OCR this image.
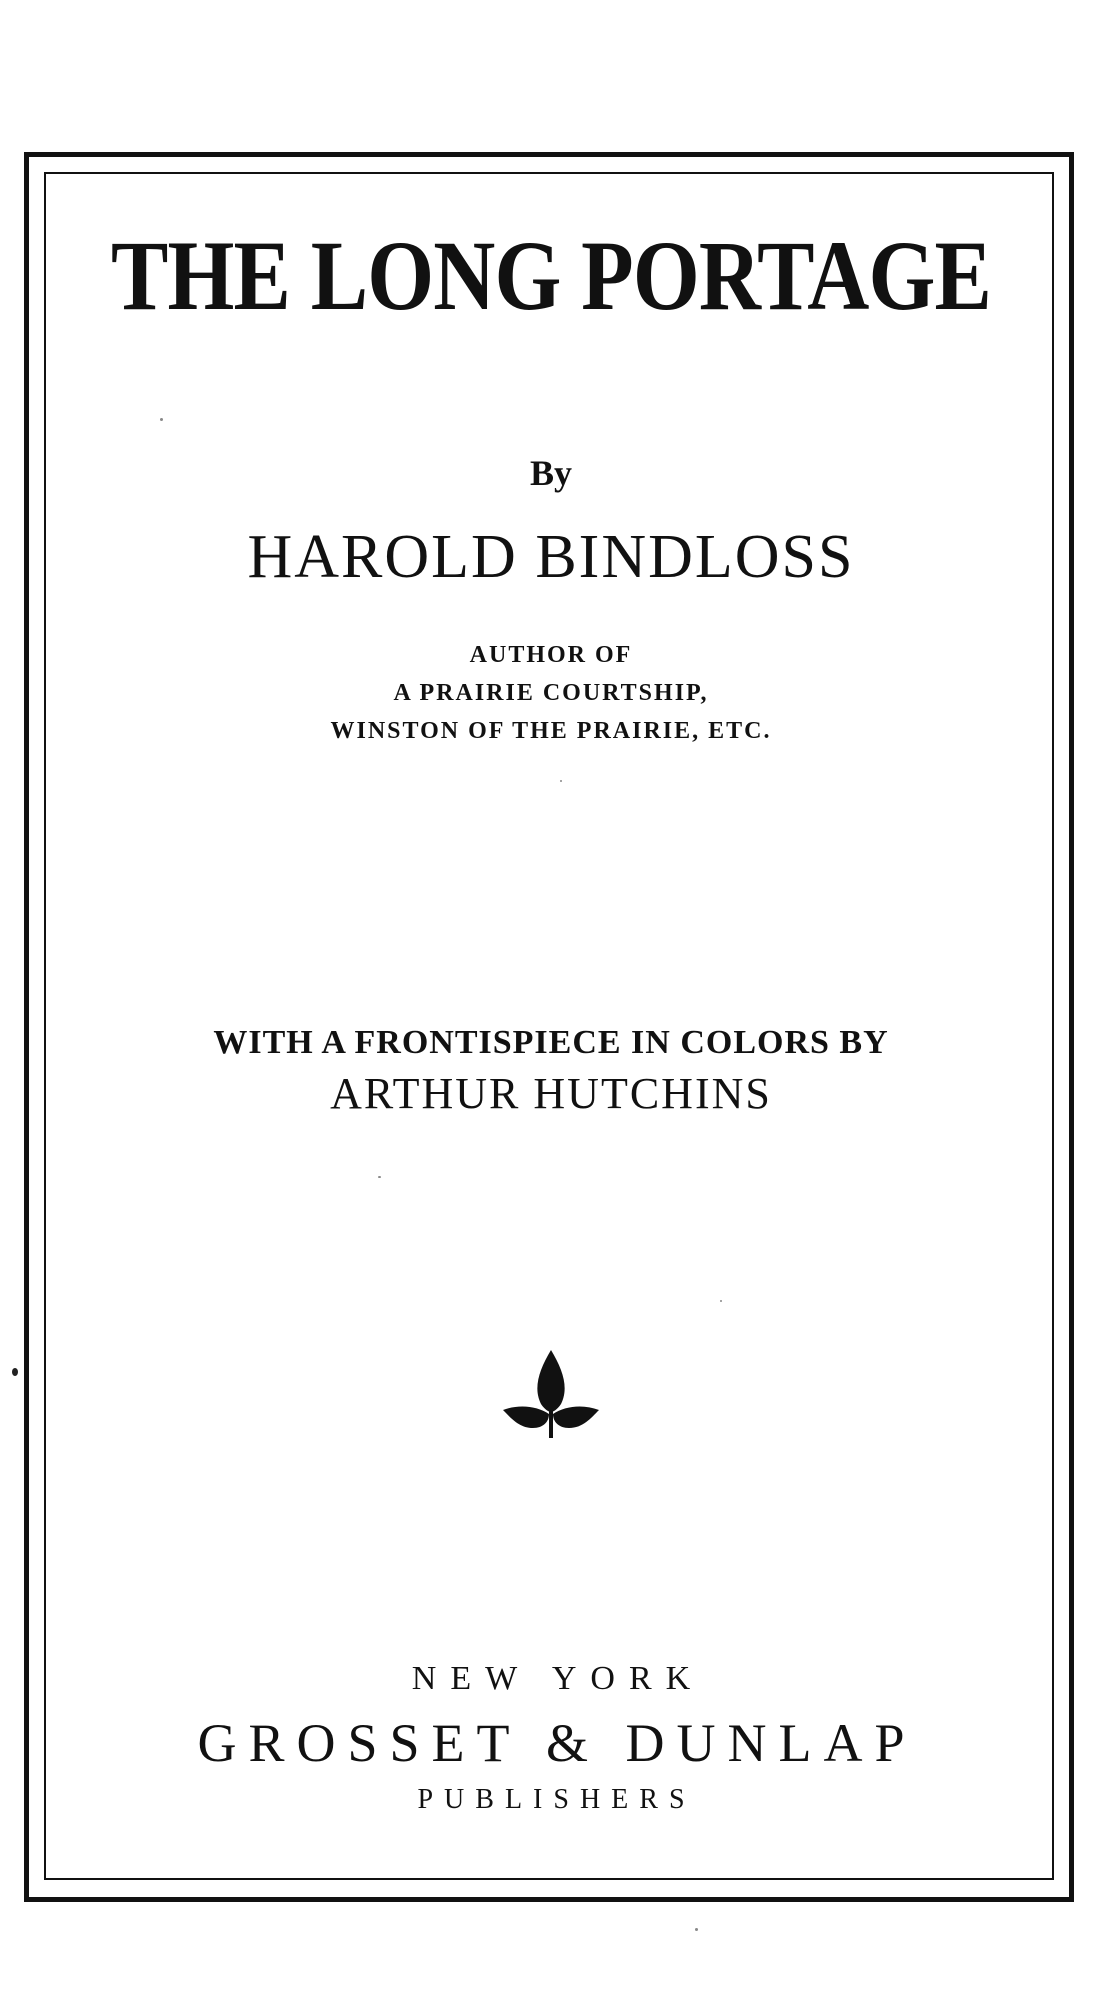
THE LONG PORTAGE
By
HAROLD BINDLOSS
AUTHOR OF
A PRAIRIE COURTSHIP,
WINSTON OF THE PRAIRIE, ETC.
WITH A FRONTISPIECE IN COLORS BY
ARTHUR HUTCHINS
NEW YORK
GROSSET & DUNLAP
PUBLISHERS
